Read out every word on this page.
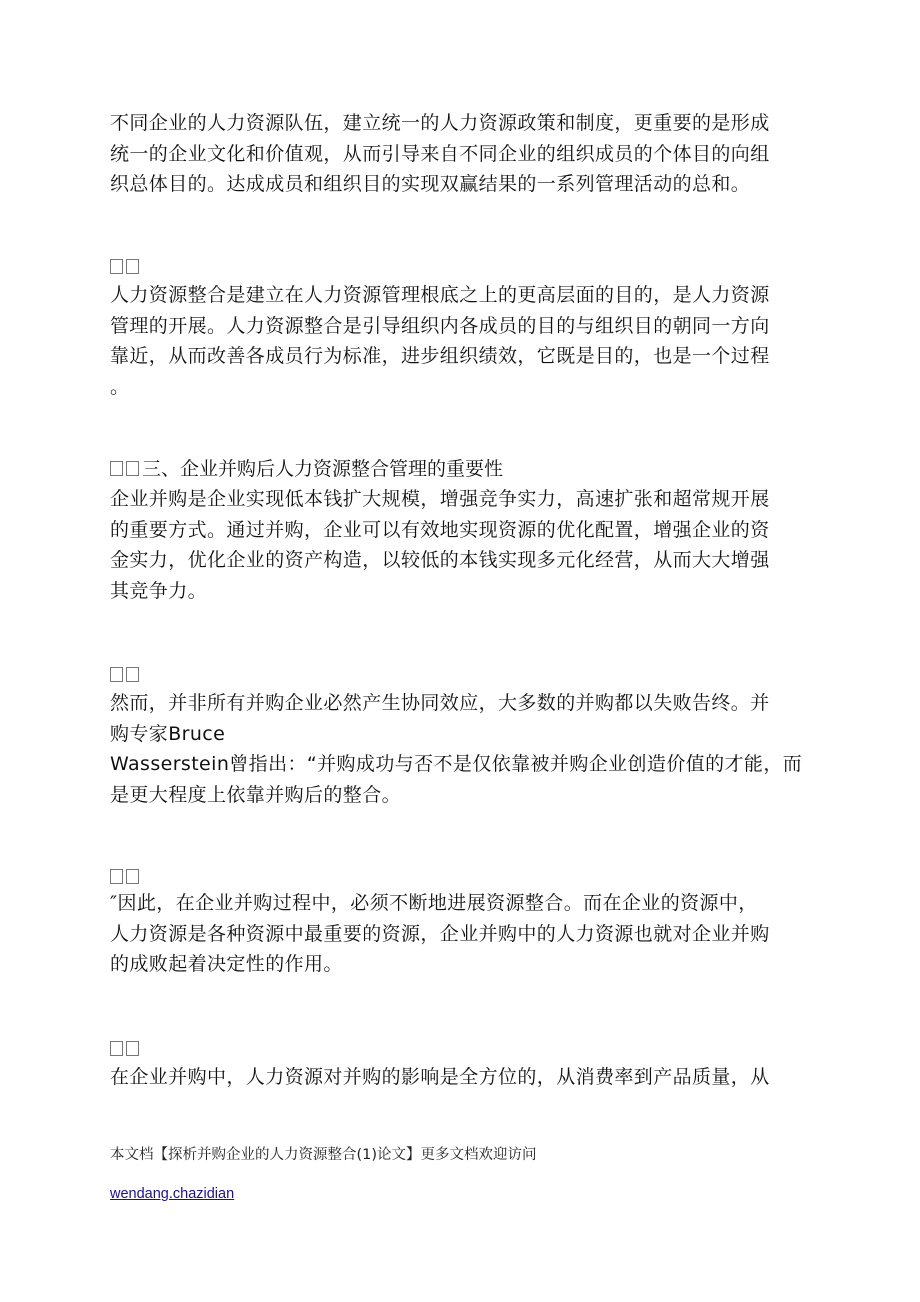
不同企业的人力资源队伍，建立统一的人力资源政策和制度，更重要的是形成

统一的企业文化和价值观，从而引导来自不同企业的组织成员的个体目的向组

织总体目的。达成成员和组织目的实现双赢结果的一系列管理活动的总和。

人力资源整合是建立在人力资源管理根底之上的更高层面的目的，是人力资源

管理的开展。人力资源整合是引导组织内各成员的目的与组织目的朝同一方向

靠近，从而改善各成员行为标准，进步组织绩效，它既是目的，也是一个过程

。

三、企业并购后人力资源整合管理的重要性

企业并购是企业实现低本钱扩大规模，增强竞争实力，高速扩张和超常规开展

的重要方式。通过并购，企业可以有效地实现资源的优化配置，增强企业的资

金实力，优化企业的资产构造，以较低的本钱实现多元化经营，从而大大增强

其竞争力。

然而，并非所有并购企业必然产生协同效应，大多数的并购都以失败告终。并

购专家Bruce

Wasserstein曾指出：“并购成功与否不是仅依靠被并购企业创造价值的才能，而

是更大程度上依靠并购后的整合。

″因此，在企业并购过程中，必须不断地进展资源整合。而在企业的资源中，

人力资源是各种资源中最重要的资源，企业并购中的人力资源也就对企业并购

的成败起着决定性的作用。

在企业并购中，人力资源对并购的影响是全方位的，从消费率到产品质量，从

本文档【探析并购企业的人力资源整合(1)论文】更多文档欢迎访问
wendang.chazidian
